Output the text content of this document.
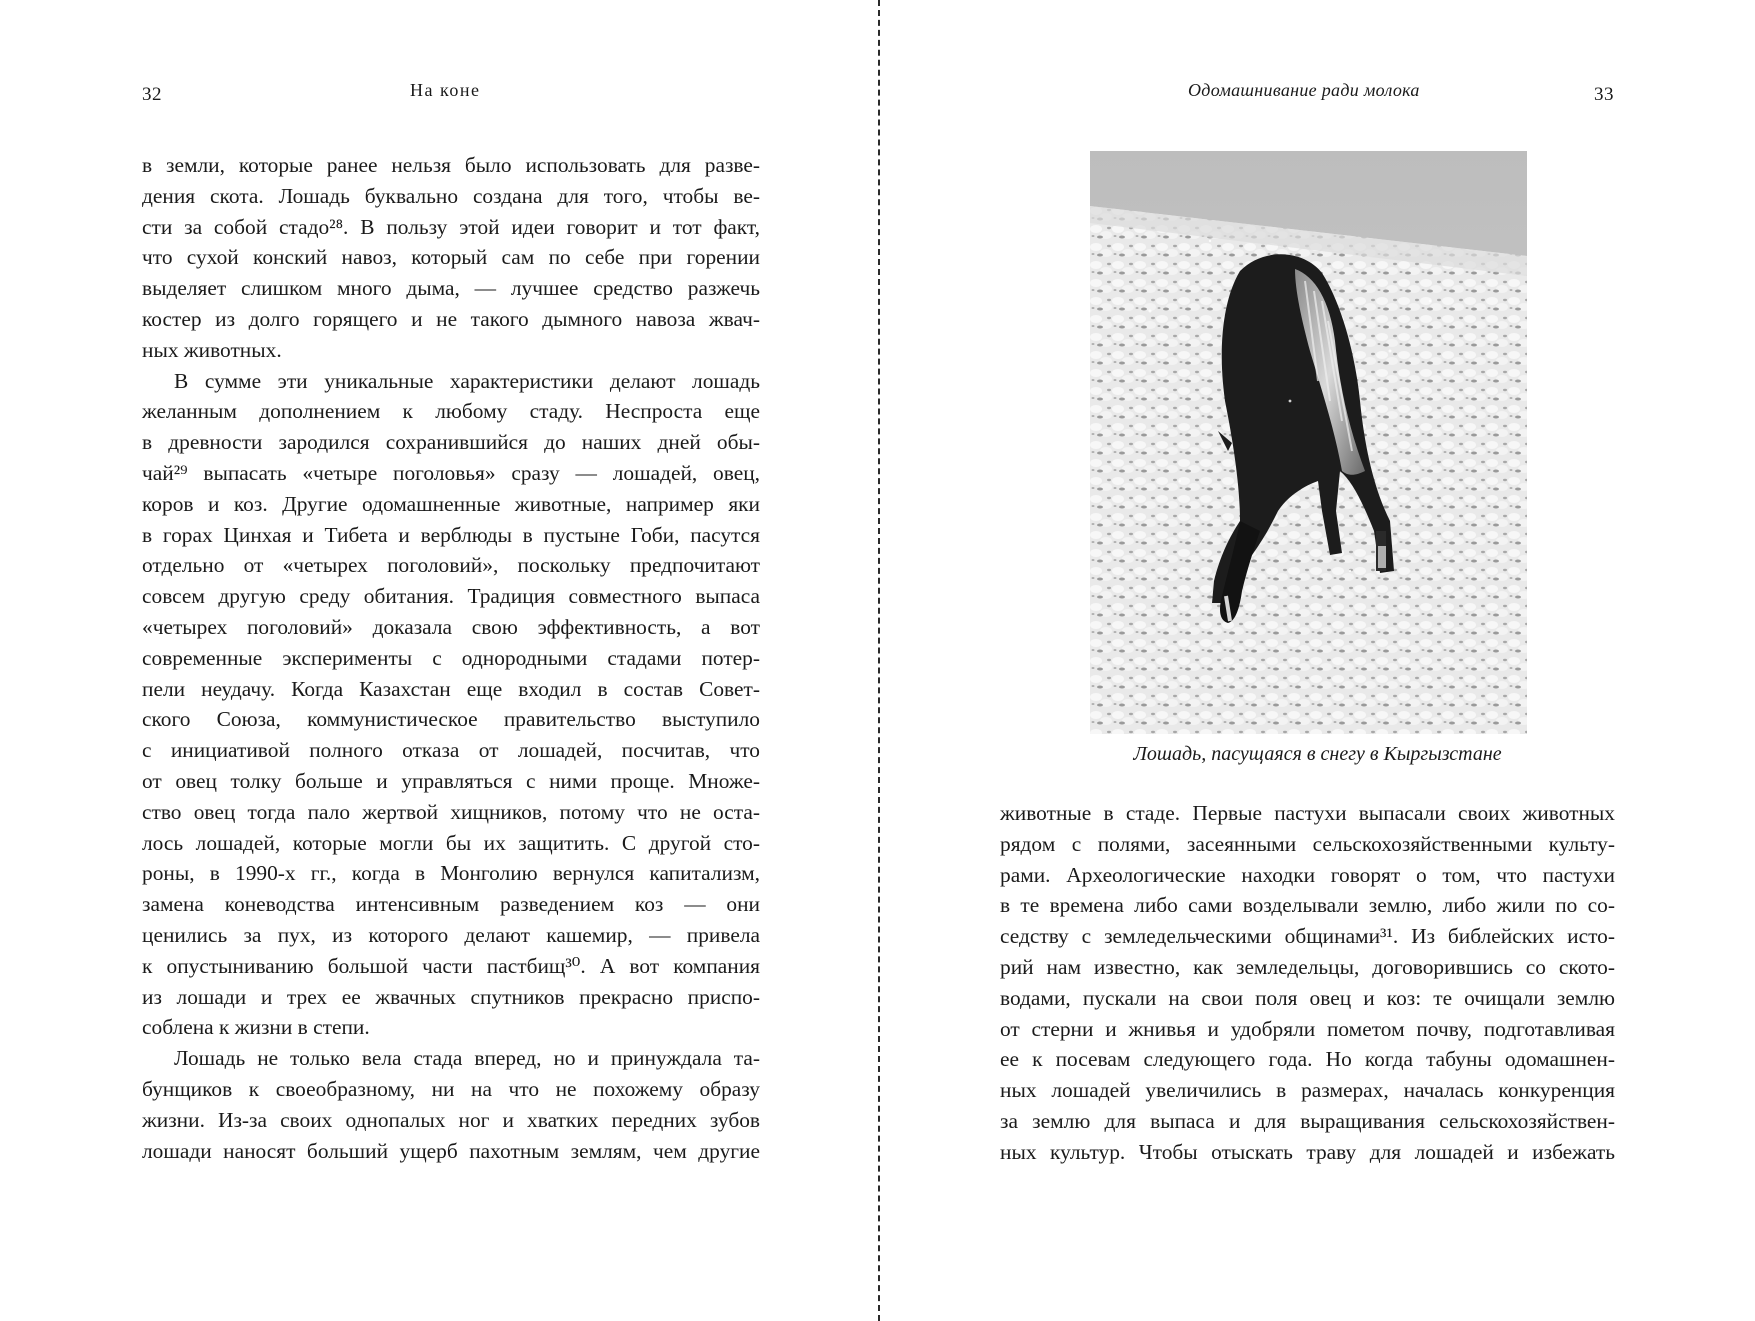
32	На коне
в земли, которые ранее нельзя было использовать для разве-
дения скота. Лошадь буквально создана для того, чтобы ве-
сти за собой стадо²⁸. В пользу этой идеи говорит и тот факт,
что сухой конский навоз, который сам по себе при горении
выделяет слишком много дыма, — лучшее средство разжечь
костер из долго горящего и не такого дымного навоза жвач-
ных животных.
В сумме эти уникальные характеристики делают лошадь
желанным дополнением к любому стаду. Неспроста еще
в древности зародился сохранившийся до наших дней обы-
чай²⁹ выпасать «четыре поголовья» сразу — лошадей, овец,
коров и коз. Другие одомашненные животные, например яки
в горах Цинхая и Тибета и верблюды в пустыне Гоби, пасутся
отдельно от «четырех поголовий», поскольку предпочитают
совсем другую среду обитания. Традиция совместного выпаса
«четырех поголовий» доказала свою эффективность, а вот
современные эксперименты с однородными стадами потер-
пели неудачу. Когда Казахстан еще входил в состав Совет-
ского Союза, коммунистическое правительство выступило
с инициативой полного отказа от лошадей, посчитав, что
от овец толку больше и управляться с ними проще. Множе-
ство овец тогда пало жертвой хищников, потому что не оста-
лось лошадей, которые могли бы их защитить. С другой сто-
роны, в 1990-х гг., когда в Монголию вернулся капитализм,
замена коневодства интенсивным разведением коз — они
ценились за пух, из которого делают кашемир, — привела
к опустыниванию большой части пастбищ³⁰. А вот компания
из лошади и трех ее жвачных спутников прекрасно приспо-
соблена к жизни в степи.
Лошадь не только вела стада вперед, но и принуждала та-
бунщиков к своеобразному, ни на что не похожему образу
жизни. Из-за своих однопалых ног и хватких передних зубов
лошади наносят больший ущерб пахотным землям, чем другие
Одомашнивание ради молока	33
Лошадь, пасущаяся в снегу в Кыргызстане
животные в стаде. Первые пастухи выпасали своих животных
рядом с полями, засеянными сельскохозяйственными культу-
рами. Археологические находки говорят о том, что пастухи
в те времена либо сами возделывали землю, либо жили по со-
седству с земледельческими общинами³¹. Из библейских исто-
рий нам известно, как земледельцы, договорившись со ското-
водами, пускали на свои поля овец и коз: те очищали землю
от стерни и жнивья и удобряли пометом почву, подготавливая
ее к посевам следующего года. Но когда табуны одомашнен-
ных лошадей увеличились в размерах, началась конкуренция
за землю для выпаса и для выращивания сельскохозяйствен-
ных культур. Чтобы отыскать траву для лошадей и избежать
